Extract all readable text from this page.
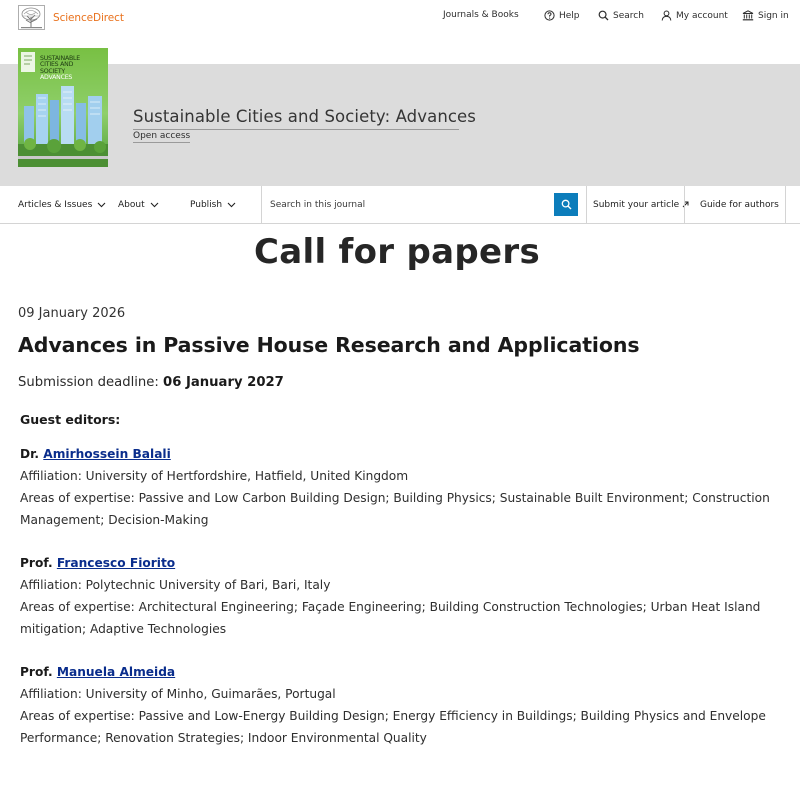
ScienceDirect	Journals & Books	Help	Search	My account	Sign in
SUSTAINABLE
CITIES AND
SOCIETY
ADVANCES
Sustainable Cities and Society: Advances
Open access
Articles & Issues	About	Publish
Search in this journal	Submit your article Guide for authors
Call for papers
09 January 2026
Advances in Passive House Research and Applications
Submission deadline: 06 January 2027
Guest editors:

Dr. Amirhossein Balali

Affiliation: University of Hertfordshire, Hatfield, United Kingdom

Areas of expertise: Passive and Low Carbon Building Design; Building Physics; Sustainable Built Environment; Construction Management; Decision-Making

Prof. Francesco Fiorito

Affiliation: Polytechnic University of Bari, Bari, Italy

Areas of expertise: Architectural Engineering; Façade Engineering; Building Construction Technologies; Urban Heat Island mitigation; Adaptive Technologies

Prof. Manuela Almeida

Affiliation: University of Minho, Guimarães, Portugal

Areas of expertise: Passive and Low-Energy Building Design; Energy Efficiency in Buildings; Building Physics and Envelope Performance; Renovation Strategies; Indoor Environmental Quality
